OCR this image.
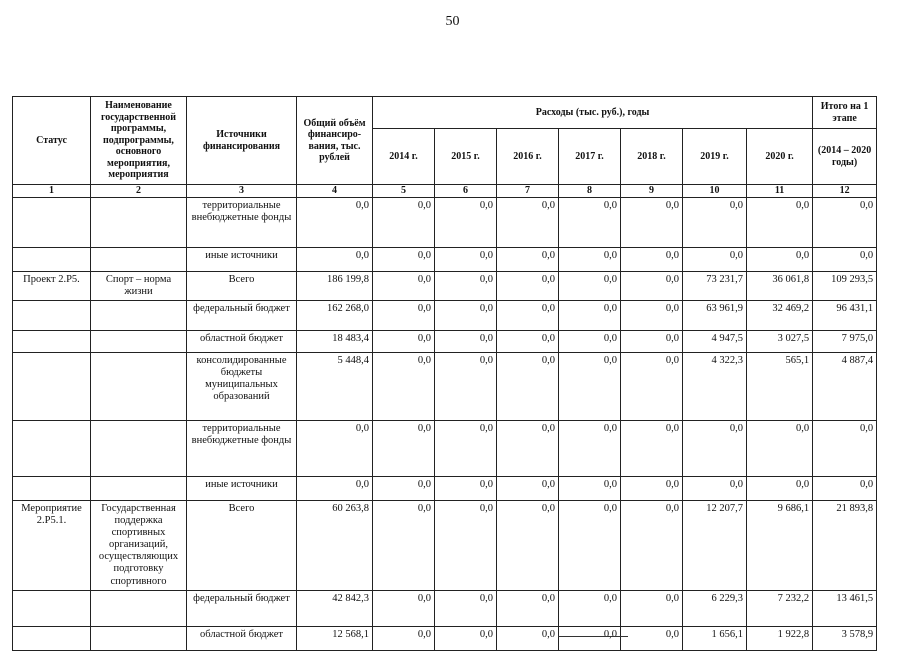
50
Статус	Наименование государственной программы, подпрограммы, основного мероприятия, мероприятия	Источники финансирования	Общий объём финансиро-вания, тыс. рублей	Расходы (тыс. руб.), годы							Итого на 1 этапе
				2014 г.	2015 г.	2016 г.	2017 г.	2018 г.	2019 г.	2020 г.	(2014 – 2020 годы)
1	2	3	4	5	6	7	8	9	10	11	12
		территориальные внебюджетные фонды	0,0	0,0	0,0	0,0	0,0	0,0	0,0	0,0	0,0
		иные источники	0,0	0,0	0,0	0,0	0,0	0,0	0,0	0,0	0,0
Проект 2.Р5.	Спорт – норма жизни	Всего	186 199,8	0,0	0,0	0,0	0,0	0,0	73 231,7	36 061,8	109 293,5
		федеральный бюджет	162 268,0	0,0	0,0	0,0	0,0	0,0	63 961,9	32 469,2	96 431,1
		областной бюджет	18 483,4	0,0	0,0	0,0	0,0	0,0	4 947,5	3 027,5	7 975,0
		консолидированные бюджеты муниципальных образований	5 448,4	0,0	0,0	0,0	0,0	0,0	4 322,3	565,1	4 887,4
		территориальные внебюджетные фонды	0,0	0,0	0,0	0,0	0,0	0,0	0,0	0,0	0,0
		иные источники	0,0	0,0	0,0	0,0	0,0	0,0	0,0	0,0	0,0
Мероприятие 2.Р5.1.	Государственная поддержка спортивных организаций, осуществляющих подготовку спортивного	Всего	60 263,8	0,0	0,0	0,0	0,0	0,0	12 207,7	9 686,1	21 893,8
		федеральный бюджет	42 842,3	0,0	0,0	0,0	0,0	0,0	6 229,3	7 232,2	13 461,5
		областной бюджет	12 568,1	0,0	0,0	0,0	0,0	0,0	1 656,1	1 922,8	3 578,9
